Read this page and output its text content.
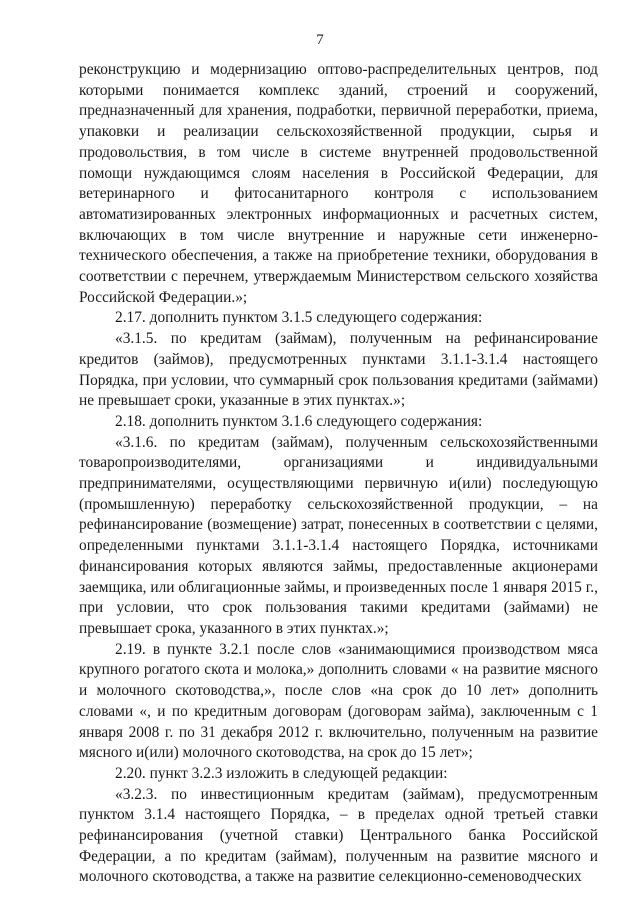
7

реконструкцию и модернизацию оптово-распределительных центров, под которыми понимается комплекс зданий, строений и сооружений, предназначенный для хранения, подработки, первичной переработки, приема, упаковки и реализации сельскохозяйственной продукции, сырья и продовольствия, в том числе в системе внутренней продовольственной помощи нуждающимся слоям населения в Российской Федерации, для ветеринарного и фитосанитарного контроля с использованием автоматизированных электронных информационных и расчетных систем, включающих в том числе внутренние и наружные сети инженерно-технического обеспечения, а также на приобретение техники, оборудования в соответствии с перечнем, утверждаемым Министерством сельского хозяйства Российской Федерации.»;

2.17. дополнить пунктом 3.1.5 следующего содержания:

«3.1.5. по кредитам (займам), полученным на рефинансирование кредитов (займов), предусмотренных пунктами 3.1.1-3.1.4 настоящего Порядка, при условии, что суммарный срок пользования кредитами (займами) не превышает сроки, указанные в этих пунктах.»;

2.18. дополнить пунктом 3.1.6 следующего содержания:

«3.1.6. по кредитам (займам), полученным сельскохозяйственными товаропроизводителями, организациями и индивидуальными предпринимателями, осуществляющими первичную и(или) последующую (промышленную) переработку сельскохозяйственной продукции, – на рефинансирование (возмещение) затрат, понесенных в соответствии с целями, определенными пунктами 3.1.1-3.1.4 настоящего Порядка, источниками финансирования которых являются займы, предоставленные акционерами заемщика, или облигационные займы, и произведенных после 1 января 2015 г., при условии, что срок пользования такими кредитами (займами) не превышает срока, указанного в этих пунктах.»;

2.19. в пункте 3.2.1 после слов «занимающимися производством мяса крупного рогатого скота и молока,» дополнить словами « на развитие мясного и молочного скотоводства,», после слов «на срок до 10 лет» дополнить словами «, и по кредитным договорам (договорам займа), заключенным с 1 января 2008 г. по 31 декабря 2012 г. включительно, полученным на развитие мясного и(или) молочного скотоводства, на срок до 15 лет»;

2.20. пункт 3.2.3 изложить в следующей редакции:

«3.2.3. по инвестиционным кредитам (займам), предусмотренным пунктом 3.1.4 настоящего Порядка, – в пределах одной третьей ставки рефинансирования (учетной ставки) Центрального банка Российской Федерации, а по кредитам (займам), полученным на развитие мясного и молочного скотоводства, а также на развитие селекционно-семеноводческих
